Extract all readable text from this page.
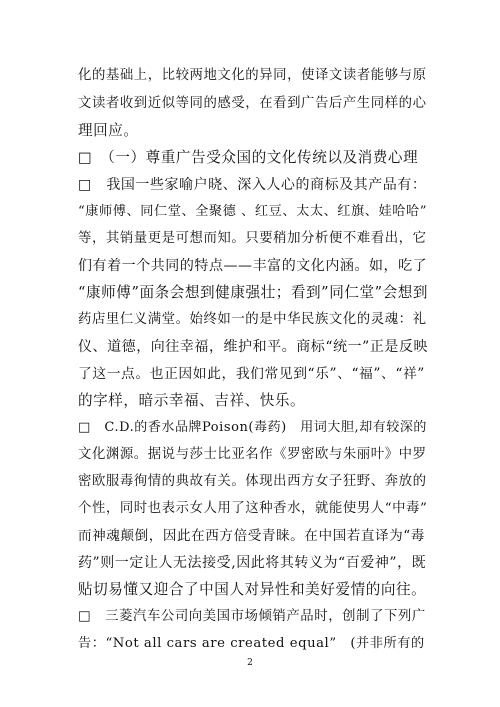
化的基础上，比较两地文化的异同，使译文读者能够与原
文读者收到近似等同的感受，在看到广告后产生同样的心
理回应。
□　（一）尊重广告受众国的文化传统以及消费心理
□　我国一些家喻户晓、深入人心的商标及其产品有：
“康师傅、同仁堂、全聚德 、红豆、太太、红旗、娃哈哈”
等，其销量更是可想而知。只要稍加分析便不难看出，它
们有着一个共同的特点——丰富的文化内涵。如，吃了
“康师傅”面条会想到健康强壮；看到”同仁堂”会想到
药店里仁义满堂。始终如一的是中华民族文化的灵魂：礼
仪、道德，向往幸福，维护和平。商标“统一”正是反映
了这一点。也正因如此，我们常见到“乐”、“福”、“祥”
的字样，暗示幸福、吉祥、快乐。
□　C.D.的香水品牌Poison(毒药)　用词大胆,却有较深的
文化渊源。据说与莎士比亚名作《罗密欧与朱丽叶》中罗
密欧服毒徇情的典故有关。体现出西方女子狂野、奔放的
个性，同时也表示女人用了这种香水，就能使男人“中毒”
而神魂颠倒，因此在西方倍受青睐。在中国若直译为“毒
药”则一定让人无法接受,因此将其转义为“百爱神”，既
贴切易懂又迎合了中国人对异性和美好爱情的向往。
□　三菱汽车公司向美国市场倾销产品时，创制了下列广
告：“Not all cars are created equal”　(并非所有的
2
